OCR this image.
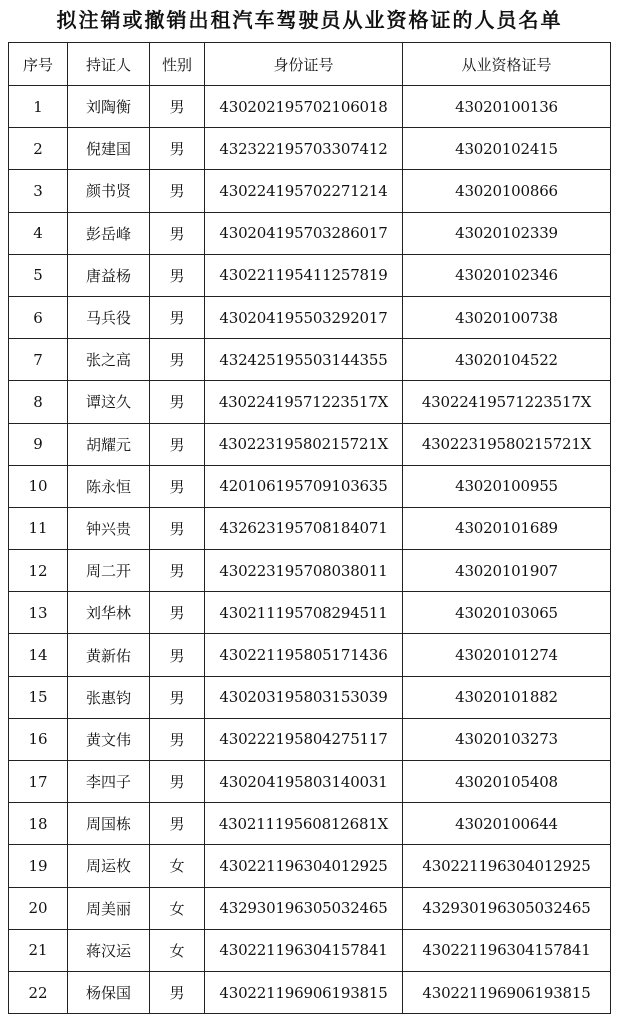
拟注销或撤销出租汽车驾驶员从业资格证的人员名单
序号	持证人	性别	身份证号	从业资格证号
1	刘陶衡	男	430202195702106018	43020100136
2	倪建国	男	432322195703307412	43020102415
3	颜书贤	男	430224195702271214	43020100866
4	彭岳峰	男	430204195703286017	43020102339
5	唐益杨	男	430221195411257819	43020102346
6	马兵役	男	430204195503292017	43020100738
7	张之高	男	432425195503144355	43020104522
8	谭这久	男	43022419571223517X	43022419571223517X
9	胡耀元	男	43022319580215721X	43022319580215721X
10	陈永恒	男	420106195709103635	43020100955
11	钟兴贵	男	432623195708184071	43020101689
12	周二开	男	430223195708038011	43020101907
13	刘华林	男	430211195708294511	43020103065
14	黄新佑	男	430221195805171436	43020101274
15	张惠钧	男	430203195803153039	43020101882
16	黄文伟	男	430222195804275117	43020103273
17	李四子	男	430204195803140031	43020105408
18	周国栋	男	43021119560812681X	43020100644
19	周运枚	女	430221196304012925	430221196304012925
20	周美丽	女	432930196305032465	432930196305032465
21	蒋汉运	女	430221196304157841	430221196304157841
22	杨保国	男	430221196906193815	430221196906193815
